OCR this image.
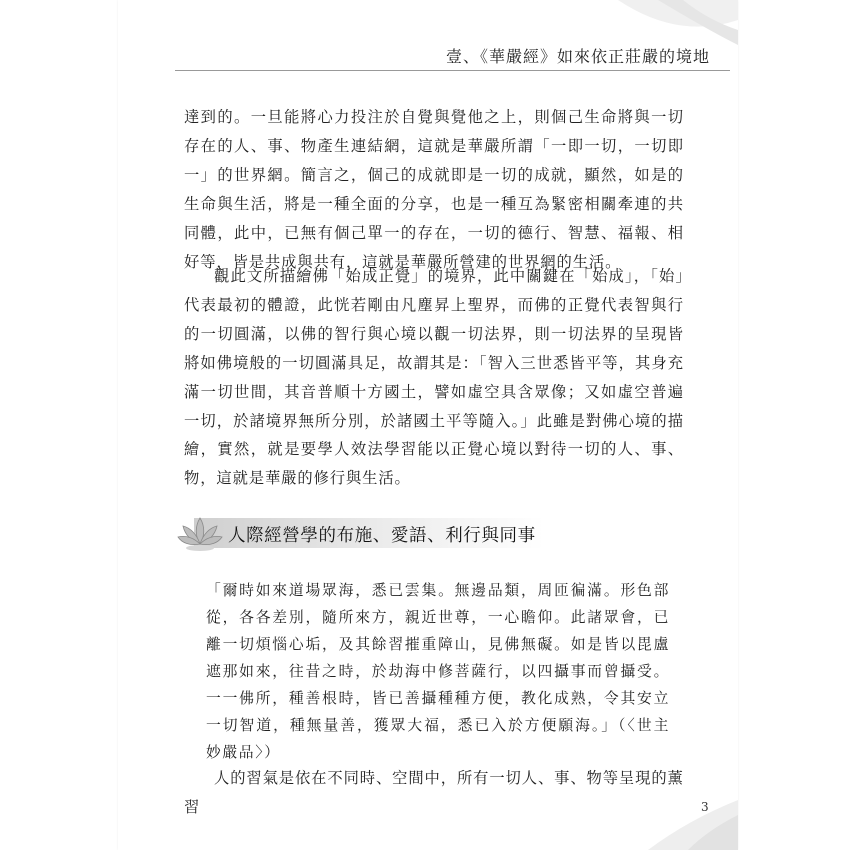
壹、《華嚴經》如來依正莊嚴的境地

達到的。一旦能將心力投注於自覺與覺他之上，則個己生命將與一切存在的人、事、物產生連結網，這就是華嚴所謂「一即一切，一切即一」的世界網。簡言之，個己的成就即是一切的成就，顯然，如是的生命與生活，將是一種全面的分享，也是一種互為緊密相關牽連的共同體，此中，已無有個己單一的存在，一切的德行、智慧、福報、相好等，皆是共成與共有，這就是華嚴所營建的世界網的生活。

觀此文所描繪佛「始成正覺」的境界，此中關鍵在「始成」，「始」代表最初的體證，此恍若剛由凡塵昇上聖界，而佛的正覺代表智與行的一切圓滿，以佛的智行與心境以觀一切法界，則一切法界的呈現皆將如佛境般的一切圓滿具足，故謂其是：「智入三世悉皆平等，其身充滿一切世間，其音普順十方國土，譬如虛空具含眾像；又如虛空普遍一切，於諸境界無所分別，於諸國土平等隨入。」此雖是對佛心境的描繪，實然，就是要學人效法學習能以正覺心境以對待一切的人、事、物，這就是華嚴的修行與生活。

人際經營學的布施、愛語、利行與同事

「爾時如來道場眾海，悉已雲集。無邊品類，周匝徧滿。形色部從，各各差別，隨所來方，親近世尊，一心瞻仰。此諸眾會，已離一切煩惱心垢，及其餘習摧重障山，見佛無礙。如是皆以毘盧遮那如來，往昔之時，於劫海中修菩薩行，以四攝事而曾攝受。一一佛所，種善根時，皆已善攝種種方便，教化成熟，令其安立一切智道，種無量善，獲眾大福，悉已入於方便願海。」（〈世主妙嚴品〉）

人的習氣是依在不同時、空間中，所有一切人、事、物等呈現的薰習	3
